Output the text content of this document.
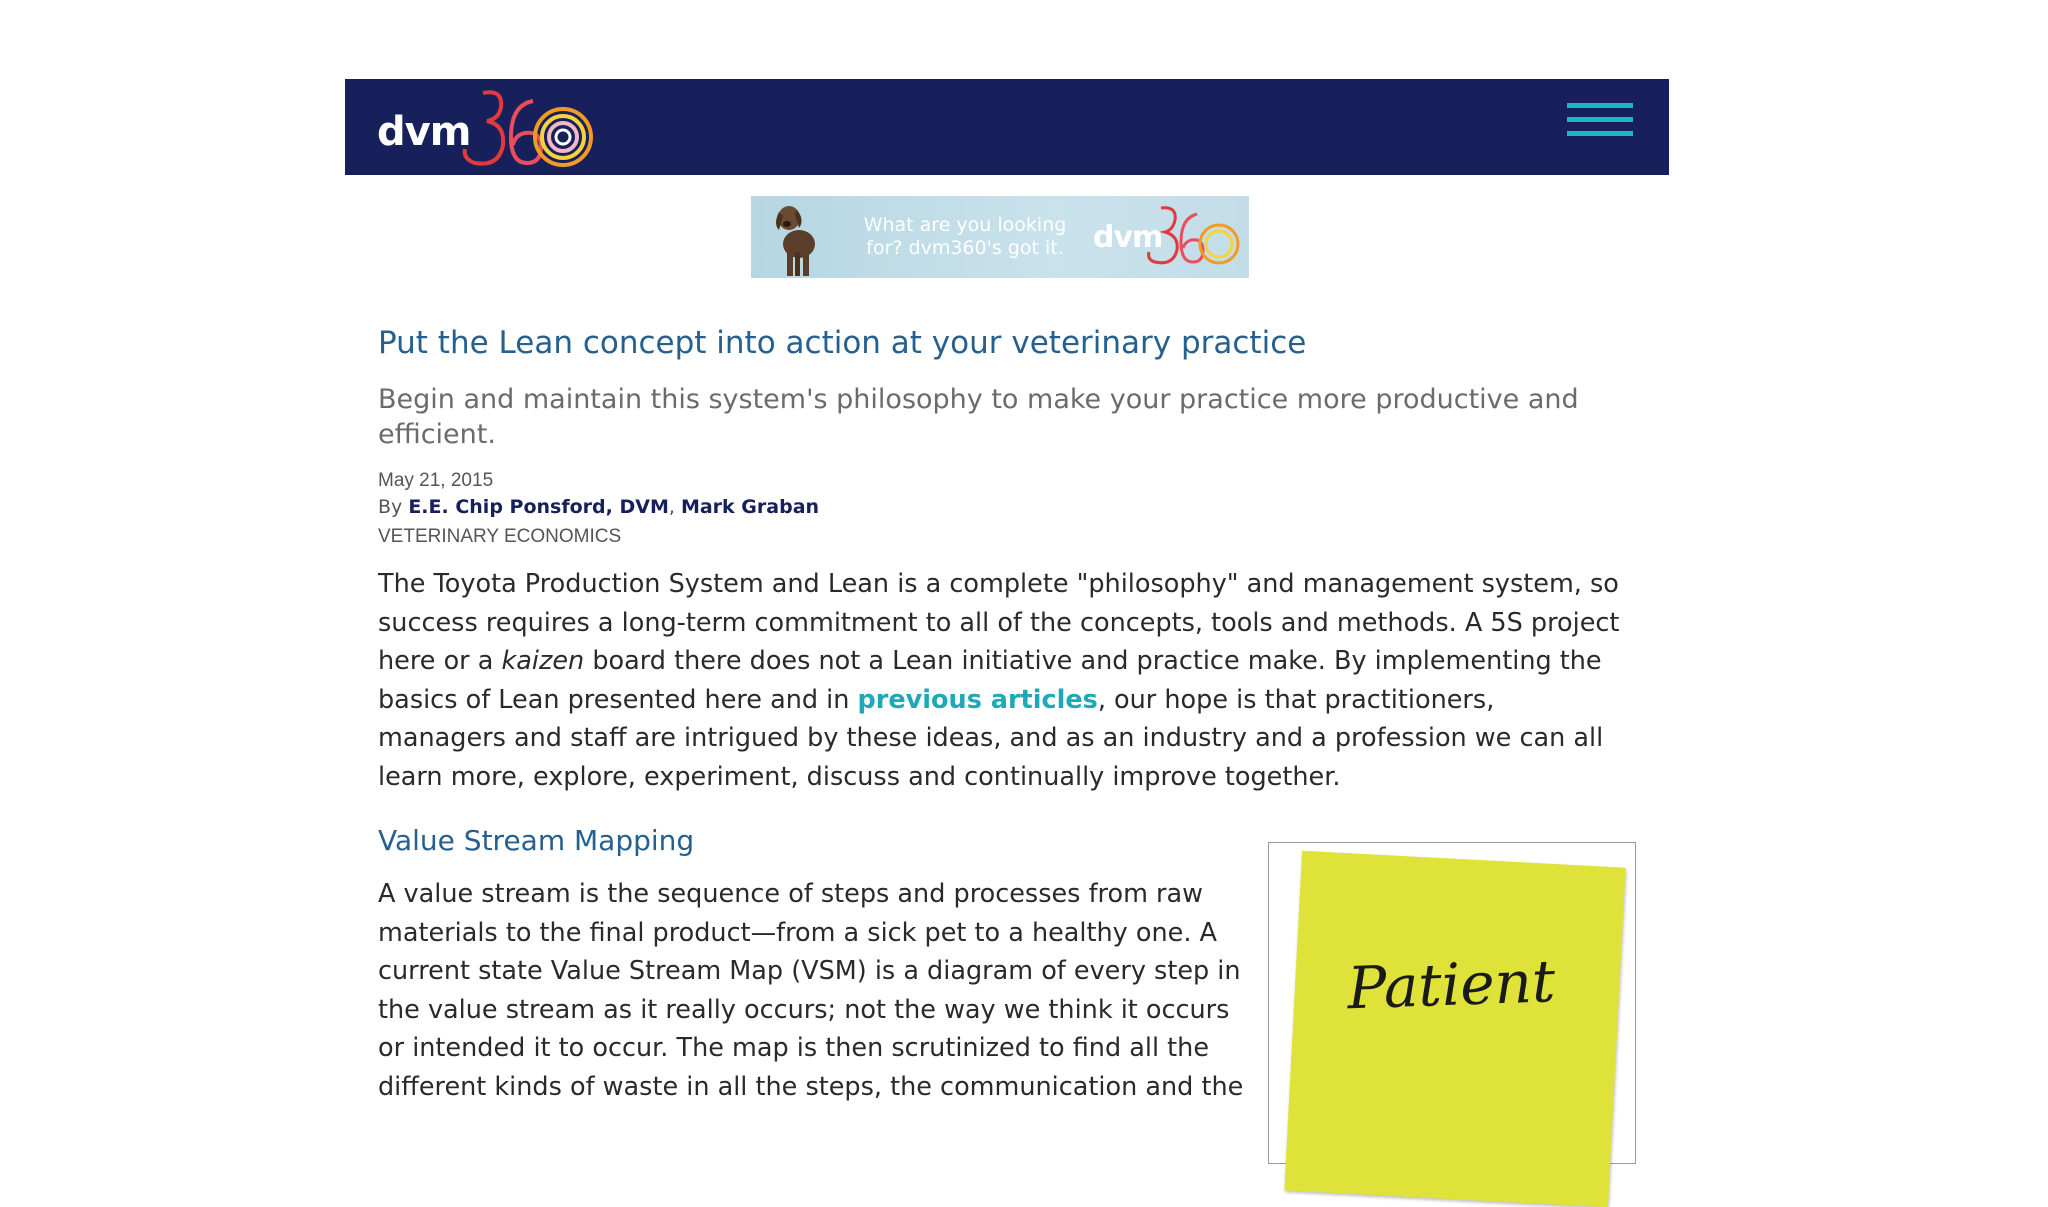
dvm
What are you looking for? dvm360's got it. dvm
Put the Lean concept into action at your veterinary practice

Begin and maintain this system's philosophy to make your practice more productive and efficient.

May 21, 2015
By E.E. Chip Ponsford, DVM, Mark Graban
VETERINARY ECONOMICS

The Toyota Production System and Lean is a complete "philosophy" and management system, so success requires a long-term commitment to all of the concepts, tools and methods. A 5S project here or a kaizen board there does not a Lean initiative and practice make. By implementing the basics of Lean presented here and in previous articles, our hope is that practitioners, managers and staff are intrigued by these ideas, and as an industry and a profession we can all learn more, explore, experiment, discuss and continually improve together.

Value Stream Mapping

A value stream is the sequence of steps and processes from raw materials to the final product—from a sick pet to a healthy one. A current state Value Stream Map (VSM) is a diagram of every step in the value stream as it really occurs; not the way we think it occurs or intended it to occur. The map is then scrutinized to find all the different kinds of waste in all the steps, the communication and the

Patient
